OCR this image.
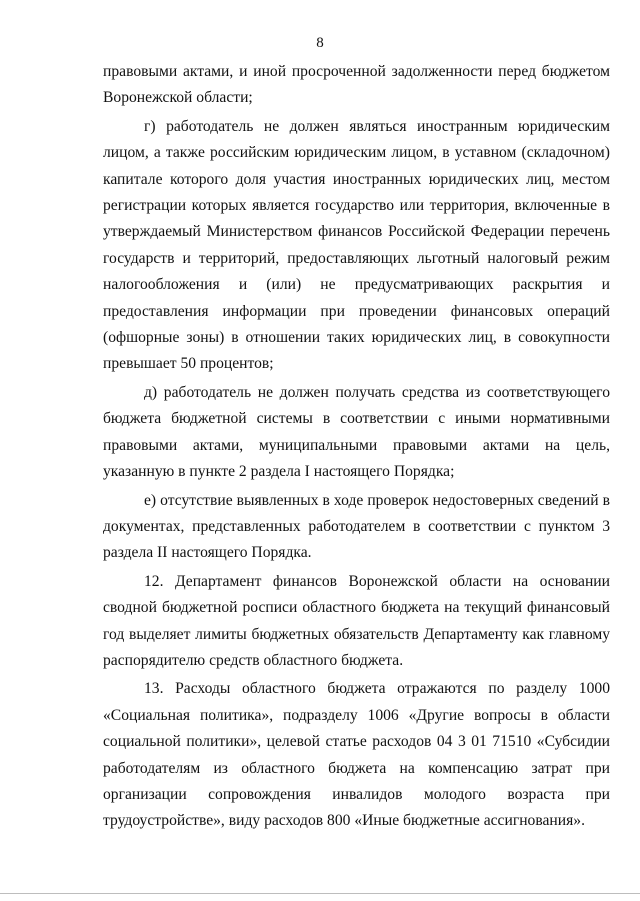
8

правовыми актами, и иной просроченной задолженности перед бюджетом Воронежской области;

г) работодатель не должен являться иностранным юридическим лицом, а также российским юридическим лицом, в уставном (складочном) капитале которого доля участия иностранных юридических лиц, местом регистрации которых является государство или территория, включенные в утверждаемый Министерством финансов Российской Федерации перечень государств и территорий, предоставляющих льготный налоговый режим налогообложения и (или) не предусматривающих раскрытия и предоставления информации при проведении финансовых операций (офшорные зоны) в отношении таких юридических лиц, в совокупности превышает 50 процентов;

д) работодатель не должен получать средства из соответствующего бюджета бюджетной системы в соответствии с иными нормативными правовыми актами, муниципальными правовыми актами на цель, указанную в пункте 2 раздела I настоящего Порядка;

е) отсутствие выявленных в ходе проверок недостоверных сведений в документах, представленных работодателем в соответствии с пунктом 3 раздела II настоящего Порядка.

12. Департамент финансов Воронежской области на основании сводной бюджетной росписи областного бюджета на текущий финансовый год выделяет лимиты бюджетных обязательств Департаменту как главному распорядителю средств областного бюджета.

13. Расходы областного бюджета отражаются по разделу 1000 «Социальная политика», подразделу 1006 «Другие вопросы в области социальной политики», целевой статье расходов 04 3 01 71510 «Субсидии работодателям из областного бюджета на компенсацию затрат при организации сопровождения инвалидов молодого возраста при трудоустройстве», виду расходов 800 «Иные бюджетные ассигнования».
